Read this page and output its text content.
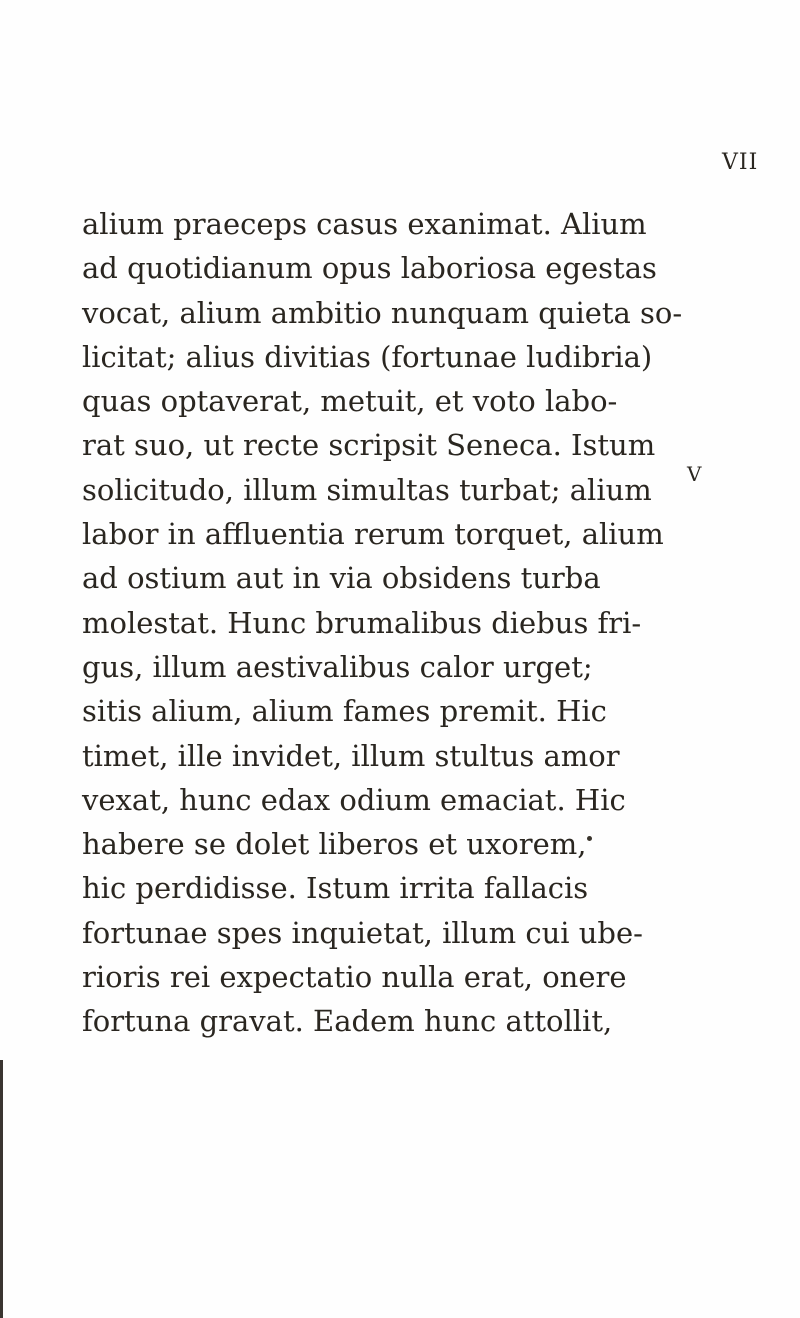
VII
alium praeceps casus exanimat. Alium
ad quotidianum opus laboriosa egestas
vocat, alium ambitio nunquam quieta so-
licitat; alius divitias (fortunae ludibria)
quas optaverat, metuit, et voto labo-
rat suo, ut recte scripsit Seneca. Istum
solicitudo, illum simultas turbat; alium
labor in affluentia rerum torquet, alium
ad ostium aut in via obsidens turba
molestat. Hunc brumalibus diebus fri-
gus, illum aestivalibus calor urget;
sitis alium, alium fames premit. Hic
timet, ille invidet, illum stultus amor
vexat, hunc edax odium emaciat. Hic
habere se dolet liberos et uxorem,
hic perdidisse. Istum irrita fallacis
fortunae spes inquietat, illum cui ube-
rioris rei expectatio nulla erat, onere
fortuna gravat. Eadem hunc attollit,
V
